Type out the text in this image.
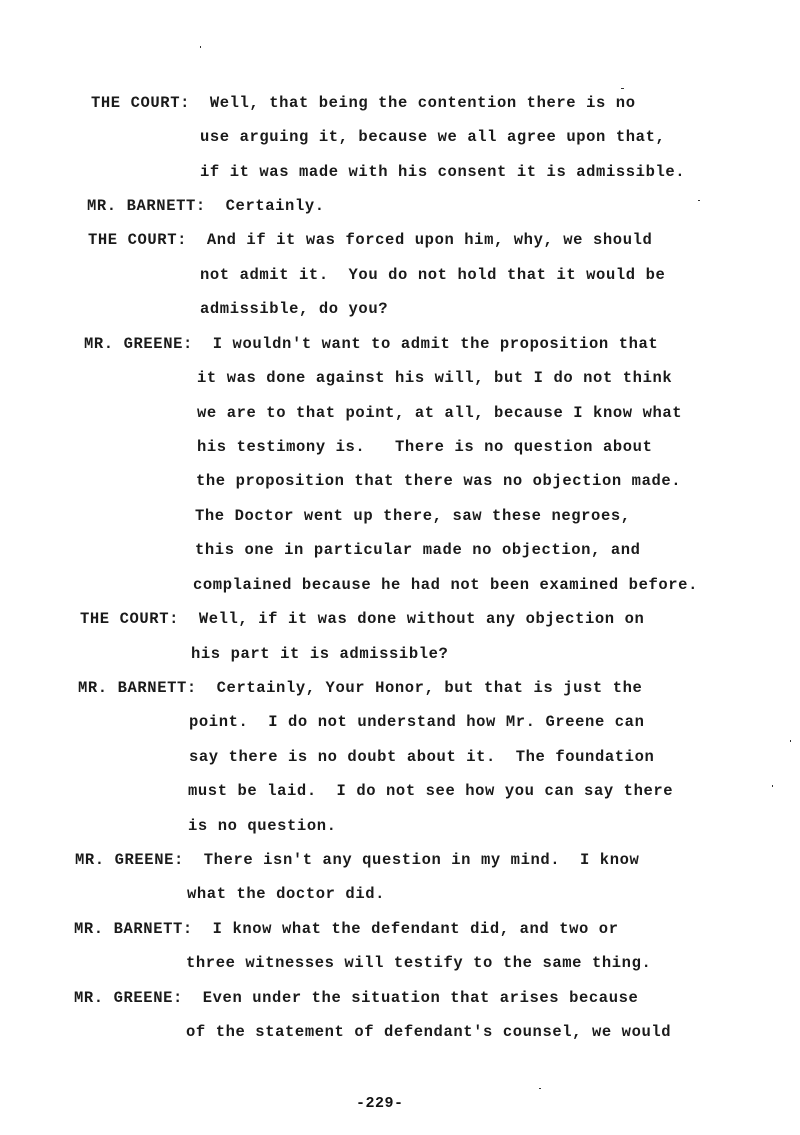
THE COURT: Well, that being the contention there is no
use arguing it, because we all agree upon that,
if it was made with his consent it is admissible.
MR. BARNETT: Certainly.
THE COURT: And if it was forced upon him, why, we should
not admit it.  You do not hold that it would be
admissible, do you?
MR. GREENE: I wouldn't want to admit the proposition that
it was done against his will, but I do not think
we are to that point, at all, because I know what
his testimony is.   There is no question about
the proposition that there was no objection made.
The Doctor went up there, saw these negroes,
this one in particular made no objection, and
complained because he had not been examined before.
THE COURT: Well, if it was done without any objection on
his part it is admissible?
MR. BARNETT: Certainly, Your Honor, but that is just the
point.  I do not understand how Mr. Greene can
say there is no doubt about it.  The foundation
must be laid.  I do not see how you can say there
is no question.
MR. GREENE: There isn't any question in my mind.  I know
what the doctor did.
MR. BARNETT: I know what the defendant did, and two or
three witnesses will testify to the same thing.
MR. GREENE: Even under the situation that arises because
of the statement of defendant's counsel, we would
-229-
